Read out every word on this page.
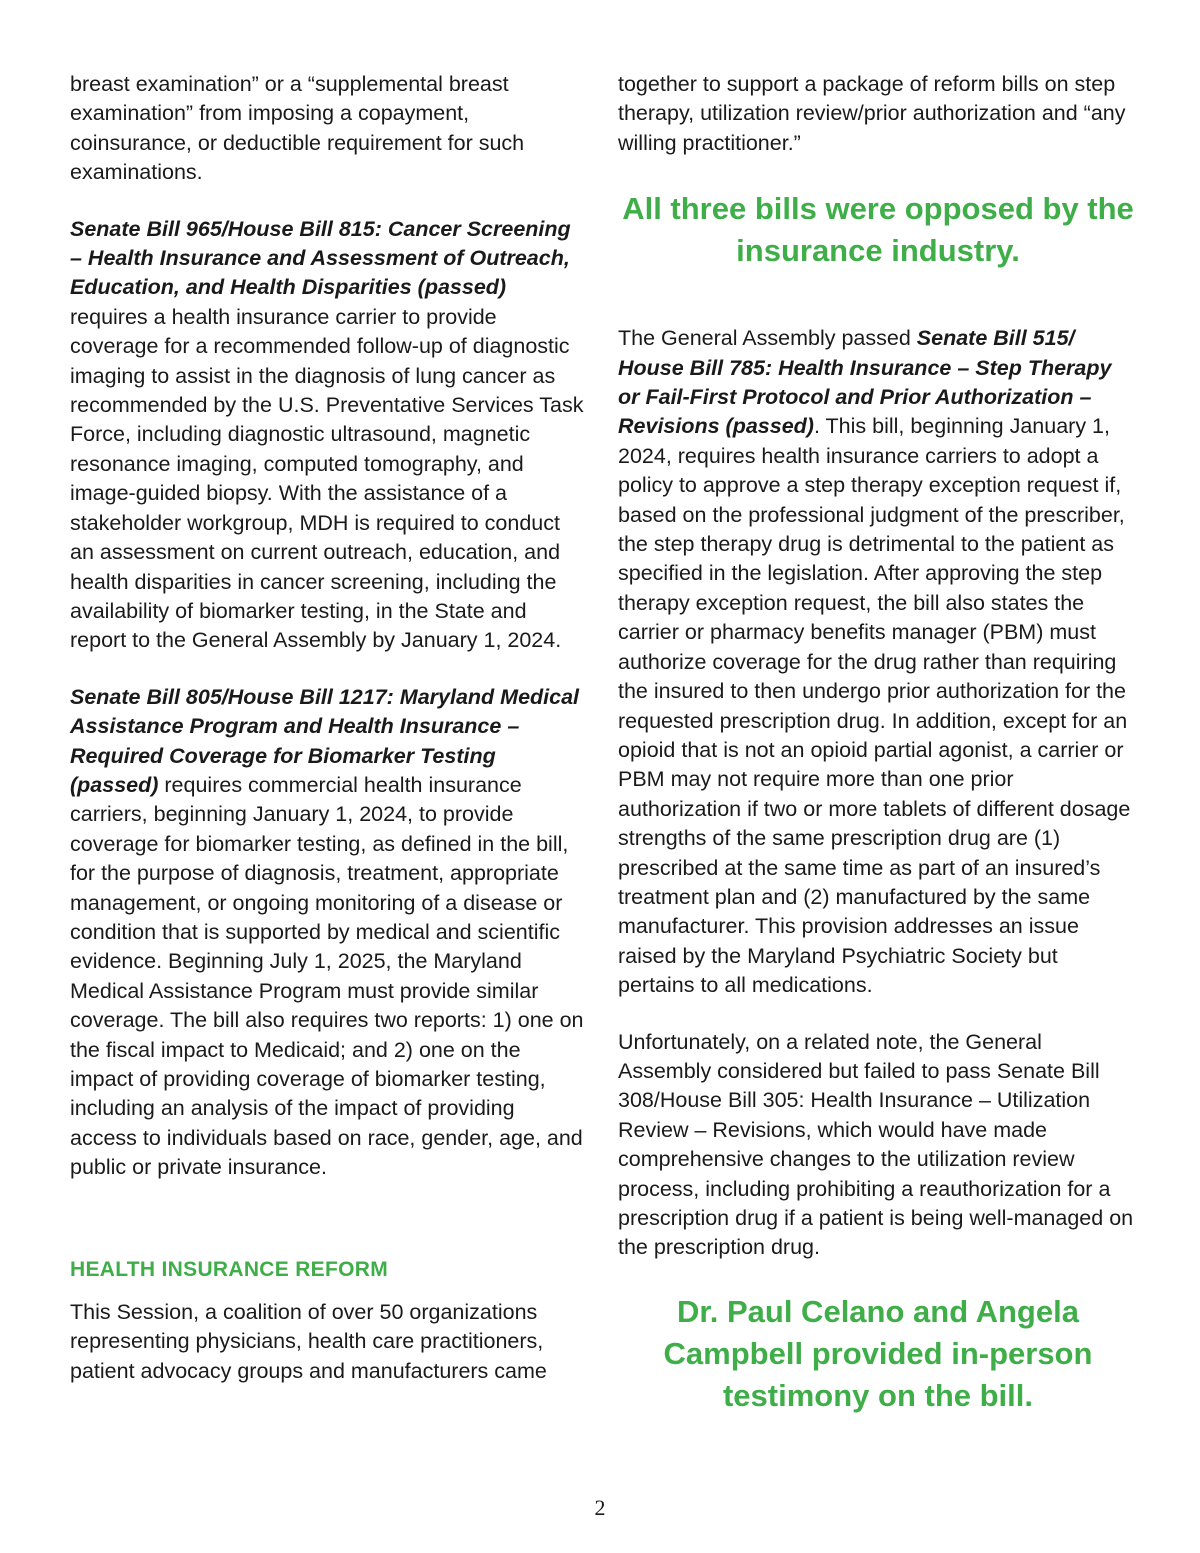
breast examination” or a “supplemental breast examination” from imposing a copayment, coinsurance, or deductible requirement for such examinations.

Senate Bill 965/House Bill 815: Cancer Screening – Health Insurance and Assessment of Outreach, Education, and Health Disparities (passed) requires a health insurance carrier to provide coverage for a recommended follow-up of diagnostic imaging to assist in the diagnosis of lung cancer as recommended by the U.S. Preventative Services Task Force, including diagnostic ultrasound, magnetic resonance imaging, computed tomography, and image-guided biopsy. With the assistance of a stakeholder workgroup, MDH is required to conduct an assessment on current outreach, education, and health disparities in cancer screening, including the availability of biomarker testing, in the State and report to the General Assembly by January 1, 2024.

Senate Bill 805/House Bill 1217: Maryland Medical Assistance Program and Health Insurance – Required Coverage for Biomarker Testing (passed) requires commercial health insurance carriers, beginning January 1, 2024, to provide coverage for biomarker testing, as defined in the bill, for the purpose of diagnosis, treatment, appropriate management, or ongoing monitoring of a disease or condition that is supported by medical and scientific evidence. Beginning July 1, 2025, the Maryland Medical Assistance Program must provide similar coverage. The bill also requires two reports: 1) one on the fiscal impact to Medicaid; and 2) one on the impact of providing coverage of biomarker testing, including an analysis of the impact of providing access to individuals based on race, gender, age, and public or private insurance.

HEALTH INSURANCE REFORM

This Session, a coalition of over 50 organizations representing physicians, health care practitioners, patient advocacy groups and manufacturers came

together to support a package of reform bills on step therapy, utilization review/prior authorization and “any willing practitioner.”

All three bills were opposed by the insurance industry.

The General Assembly passed Senate Bill 515/ House Bill 785: Health Insurance – Step Therapy or Fail-First Protocol and Prior Authorization – Revisions (passed). This bill, beginning January 1, 2024, requires health insurance carriers to adopt a policy to approve a step therapy exception request if, based on the professional judgment of the prescriber, the step therapy drug is detrimental to the patient as specified in the legislation. After approving the step therapy exception request, the bill also states the carrier or pharmacy benefits manager (PBM) must authorize coverage for the drug rather than requiring the insured to then undergo prior authorization for the requested prescription drug. In addition, except for an opioid that is not an opioid partial agonist, a carrier or PBM may not require more than one prior authorization if two or more tablets of different dosage strengths of the same prescription drug are (1) prescribed at the same time as part of an insured’s treatment plan and (2) manufactured by the same manufacturer. This provision addresses an issue raised by the Maryland Psychiatric Society but pertains to all medications.

Unfortunately, on a related note, the General Assembly considered but failed to pass Senate Bill 308/House Bill 305: Health Insurance – Utilization Review – Revisions, which would have made comprehensive changes to the utilization review process, including prohibiting a reauthorization for a prescription drug if a patient is being well-managed on the prescription drug.

Dr. Paul Celano and Angela Campbell provided in-person testimony on the bill.
2
